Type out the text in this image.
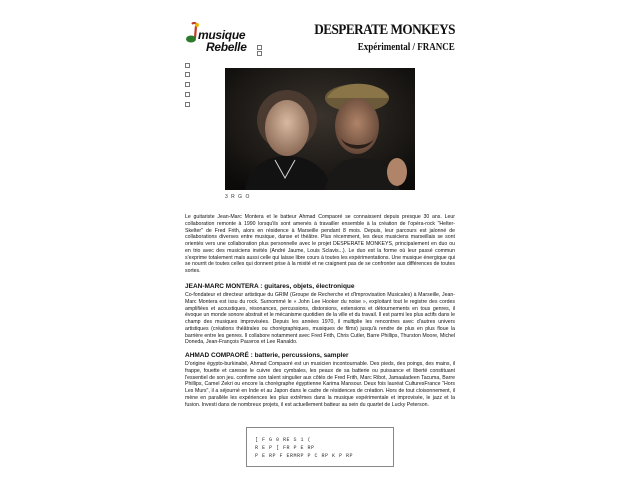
musique
Rebelle
DESPERATE MONKEYS
Expérimental / FRANCE
3 R G O
Le guitariste Jean-Marc Montera et le batteur Ahmad Compaoré se connaissent depuis presque 30 ans. Leur collaboration remonte à 1990 lorsqu'ils sont amenés à travailler ensemble à la création de l'opéra-rock "Helter-Skelter" de Fred Frith, alors en résidence à Marseille pendant 8 mois. Depuis, leur parcours est jalonné de collaborations diverses entre musique, danse et théâtre. Plus récemment, les deux musiciens marseillais se sont orientés vers une collaboration plus personnelle avec le projet DESPERATE MONKEYS, principalement en duo ou en trio avec des musiciens invités (André Jaume, Louis Sclavis...). Le duo est la forme où leur passé commun s'exprime totalement mais aussi celle qui laisse libre cours à toutes les expérimentations. Une musique énergique qui se nourrit de toutes celles qui donnent prise à la mixité et ne craignent pas de se confronter aux différences de toutes sortes.
JEAN-MARC MONTERA : guitares, objets, électronique
Co-fondateur et directeur artistique du GRIM (Groupe de Recherche et d'Improvisation Musicales) à Marseille, Jean-Marc Montera est issu du rock. Surnommé le « John Lee Hooker du noise », exploitant tout le registre des cordes amplifiées et acoustiques, résonances, percussions, distorsions, extensions et détournements en tous genres, il évoque un monde sonore abstrait et le mécanisme quotidien de la ville et du travail. Il est parmi les plus actifs dans le champ des musiques improvisées. Depuis les années 1970, il multiplie les rencontres avec d'autres univers artistiques (créations théâtrales ou chorégraphiques, musiques de films) jusqu'à rendre de plus en plus floue la barrière entre les genres. Il collabore notamment avec Fred Frith, Chris Cutler, Barre Phillips, Thurston Moore, Michel Doneda, Jean-François Pauvros et Lee Ranaldo.
AHMAD COMPAORÉ : batterie, percussions, sampler
D'origine égypto-burkinabé, Ahmad Compaoré est un musicien incontournable. Des pieds, des poings, des mains, il frappe, fouette et caresse le cuivre des cymbales, les peaux de sa batterie ou puissance et liberté constituant l'essentiel de son jeu. confirme son talent singulier aux côtés de Fred Frith, Marc Ribot, Jamaaladeen Tacuma, Barre Phillips, Camel Zekri ou encore la chorégraphe égyptienne Karima Mansour. Deux fois lauréat CulturesFrance "Hors Les Murs", il a séjourné en Inde et au Japon dans le cadre de résidences de création. Hors de tout cloisonnement, il mène en parallèle les expériences les plus extrêmes dans la musique expérimentale et improvisée, le jazz et la fusion. Investi dans de nombreux projets, il est actuellement batteur au sein du quartet de Lucky Peterson.
[ F G 0 RE S 1 (
R E P [ FR P E RP
P E RP F ERMRP P C RP K P RP
